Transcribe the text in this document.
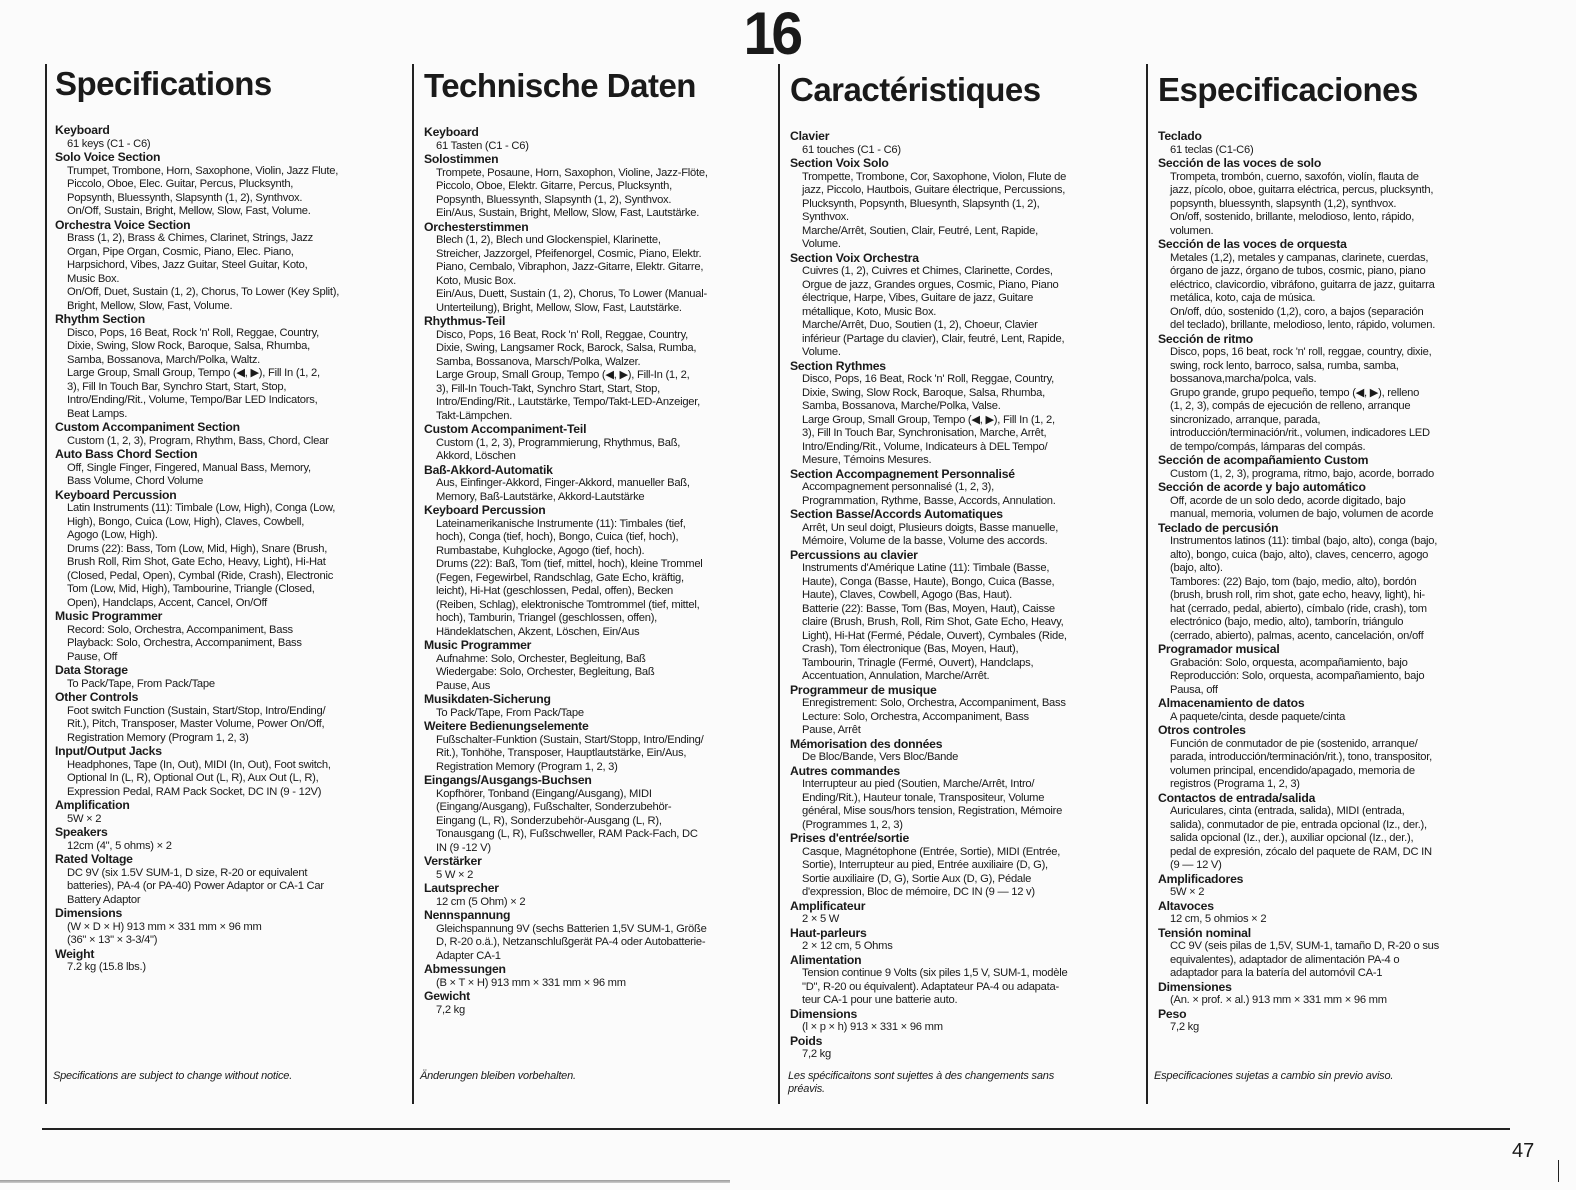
16
Specifications
Keyboard
61 keys (C1 - C6)
Solo Voice Section
Trumpet, Trombone, Horn, Saxophone, Violin, Jazz Flute,
Piccolo, Oboe, Elec. Guitar, Percus, Plucksynth,
Popsynth, Bluessynth, Slapsynth (1, 2), Synthvox.
On/Off, Sustain, Bright, Mellow, Slow, Fast, Volume.
Orchestra Voice Section
Brass (1, 2), Brass & Chimes, Clarinet, Strings, Jazz
Organ, Pipe Organ, Cosmic, Piano, Elec. Piano,
Harpsichord, Vibes, Jazz Guitar, Steel Guitar, Koto,
Music Box.
On/Off, Duet, Sustain (1, 2), Chorus, To Lower (Key Split),
Bright, Mellow, Slow, Fast, Volume.
Rhythm Section
Disco, Pops, 16 Beat, Rock 'n' Roll, Reggae, Country,
Dixie, Swing, Slow Rock, Baroque, Salsa, Rhumba,
Samba, Bossanova, March/Polka, Waltz.
Large Group, Small Group, Tempo (◀, ▶), Fill In (1, 2,
3), Fill In Touch Bar, Synchro Start, Start, Stop,
Intro/Ending/Rit., Volume, Tempo/Bar LED Indicators,
Beat Lamps.
Custom Accompaniment Section
Custom (1, 2, 3), Program, Rhythm, Bass, Chord, Clear
Auto Bass Chord Section
Off, Single Finger, Fingered, Manual Bass, Memory,
Bass Volume, Chord Volume
Keyboard Percussion
Latin Instruments (11): Timbale (Low, High), Conga (Low,
High), Bongo, Cuica (Low, High), Claves, Cowbell,
Agogo (Low, High).
Drums (22): Bass, Tom (Low, Mid, High), Snare (Brush,
Brush Roll, Rim Shot, Gate Echo, Heavy, Light), Hi-Hat
(Closed, Pedal, Open), Cymbal (Ride, Crash), Electronic
Tom (Low, Mid, High), Tambourine, Triangle (Closed,
Open), Handclaps, Accent, Cancel, On/Off
Music Programmer
Record: Solo, Orchestra, Accompaniment, Bass
Playback: Solo, Orchestra, Accompaniment, Bass
Pause, Off
Data Storage
To Pack/Tape, From Pack/Tape
Other Controls
Foot switch Function (Sustain, Start/Stop, Intro/Ending/
Rit.), Pitch, Transposer, Master Volume, Power On/Off,
Registration Memory (Program 1, 2, 3)
Input/Output Jacks
Headphones, Tape (In, Out), MIDI (In, Out), Foot switch,
Optional In (L, R), Optional Out (L, R), Aux Out (L, R),
Expression Pedal, RAM Pack Socket, DC IN (9 - 12V)
Amplification
5W × 2
Speakers
12cm (4", 5 ohms) × 2
Rated Voltage
DC 9V (six 1.5V SUM-1, D size, R-20 or equivalent
batteries), PA-4 (or PA-40) Power Adaptor or CA-1 Car
Battery Adaptor
Dimensions
(W × D × H) 913 mm × 331 mm × 96 mm
(36" × 13" × 3-3/4")
Weight
7.2 kg (15.8 lbs.)
Technische Daten
Keyboard
61 Tasten (C1 - C6)
Solostimmen
Trompete, Posaune, Horn, Saxophon, Violine, Jazz-Flöte,
Piccolo, Oboe, Elektr. Gitarre, Percus, Plucksynth,
Popsynth, Bluessynth, Slapsynth (1, 2), Synthvox.
Ein/Aus, Sustain, Bright, Mellow, Slow, Fast, Lautstärke.
Orchesterstimmen
Blech (1, 2), Blech und Glockenspiel, Klarinette,
Streicher, Jazzorgel, Pfeifenorgel, Cosmic, Piano, Elektr.
Piano, Cembalo, Vibraphon, Jazz-Gitarre, Elektr. Gitarre,
Koto, Music Box.
Ein/Aus, Duett, Sustain (1, 2), Chorus, To Lower (Manual-
Unterteilung), Bright, Mellow, Slow, Fast, Lautstärke.
Rhythmus-Teil
Disco, Pops, 16 Beat, Rock 'n' Roll, Reggae, Country,
Dixie, Swing, Langsamer Rock, Barock, Salsa, Rumba,
Samba, Bossanova, Marsch/Polka, Walzer.
Large Group, Small Group, Tempo (◀, ▶), Fill-In (1, 2,
3), Fill-In Touch-Takt, Synchro Start, Start, Stop,
Intro/Ending/Rit., Lautstärke, Tempo/Takt-LED-Anzeiger,
Takt-Lämpchen.
Custom Accompaniment-Teil
Custom (1, 2, 3), Programmierung, Rhythmus, Baß,
Akkord, Löschen
Baß-Akkord-Automatik
Aus, Einfinger-Akkord, Finger-Akkord, manueller Baß,
Memory, Baß-Lautstärke, Akkord-Lautstärke
Keyboard Percussion
Lateinamerikanische Instrumente (11): Timbales (tief,
hoch), Conga (tief, hoch), Bongo, Cuica (tief, hoch),
Rumbastabe, Kuhglocke, Agogo (tief, hoch).
Drums (22): Baß, Tom (tief, mittel, hoch), kleine Trommel
(Fegen, Fegewirbel, Randschlag, Gate Echo, kräftig,
leicht), Hi-Hat (geschlossen, Pedal, offen), Becken
(Reiben, Schlag), elektronische Tomtrommel (tief, mittel,
hoch), Tamburin, Triangel (geschlossen, offen),
Händeklatschen, Akzent, Löschen, Ein/Aus
Music Programmer
Aufnahme: Solo, Orchester, Begleitung, Baß
Wiedergabe: Solo, Orchester, Begleitung, Baß
Pause, Aus
Musikdaten-Sicherung
To Pack/Tape, From Pack/Tape
Weitere Bedienungselemente
Fußschalter-Funktion (Sustain, Start/Stopp, Intro/Ending/
Rit.), Tonhöhe, Transposer, Hauptlautstärke, Ein/Aus,
Registration Memory (Program 1, 2, 3)
Eingangs/Ausgangs-Buchsen
Kopfhörer, Tonband (Eingang/Ausgang), MIDI
(Eingang/Ausgang), Fußschalter, Sonderzubehör-
Eingang (L, R), Sonderzubehör-Ausgang (L, R),
Tonausgang (L, R), Fußschweller, RAM Pack-Fach, DC
IN (9 -12 V)
Verstärker
5 W × 2
Lautsprecher
12 cm (5 Ohm) × 2
Nennspannung
Gleichspannung 9V (sechs Batterien 1,5V SUM-1, Größe
D, R-20 o.ä.), Netzanschlußgerät PA-4 oder Autobatterie-
Adapter CA-1
Abmessungen
(B × T × H) 913 mm × 331 mm × 96 mm
Gewicht
7,2 kg
Caractéristiques
Clavier
61 touches (C1 - C6)
Section Voix Solo
Trompette, Trombone, Cor, Saxophone, Violon, Flute de
jazz, Piccolo, Hautbois, Guitare électrique, Percussions,
Plucksynth, Popsynth, Bluesynth, Slapsynth (1, 2),
Synthvox.
Marche/Arrêt, Soutien, Clair, Feutré, Lent, Rapide,
Volume.
Section Voix Orchestra
Cuivres (1, 2), Cuivres et Chimes, Clarinette, Cordes,
Orgue de jazz, Grandes orgues, Cosmic, Piano, Piano
électrique, Harpe, Vibes, Guitare de jazz, Guitare
métallique, Koto, Music Box.
Marche/Arrêt, Duo, Soutien (1, 2), Choeur, Clavier
inférieur (Partage du clavier), Clair, feutré, Lent, Rapide,
Volume.
Section Rythmes
Disco, Pops, 16 Beat, Rock 'n' Roll, Reggae, Country,
Dixie, Swing, Slow Rock, Baroque, Salsa, Rhumba,
Samba, Bossanova, Marche/Polka, Valse.
Large Group, Small Group, Tempo (◀, ▶), Fill In (1, 2,
3), Fill In Touch Bar, Synchronisation, Marche, Arrêt,
Intro/Ending/Rit., Volume, Indicateurs à DEL Tempo/
Mesure, Témoins Mesures.
Section Accompagnement Personnalisé
Accompagnement personnalisé (1, 2, 3),
Programmation, Rythme, Basse, Accords, Annulation.
Section Basse/Accords Automatiques
Arrêt, Un seul doigt, Plusieurs doigts, Basse manuelle,
Mémoire, Volume de la basse, Volume des accords.
Percussions au clavier
Instruments d'Amérique Latine (11): Timbale (Basse,
Haute), Conga (Basse, Haute), Bongo, Cuica (Basse,
Haute), Claves, Cowbell, Agogo (Bas, Haut).
Batterie (22): Basse, Tom (Bas, Moyen, Haut), Caisse
claire (Brush, Brush, Roll, Rim Shot, Gate Echo, Heavy,
Light), Hi-Hat (Fermé, Pédale, Ouvert), Cymbales (Ride,
Crash), Tom électronique (Bas, Moyen, Haut),
Tambourin, Trinagle (Fermé, Ouvert), Handclaps,
Accentuation, Annulation, Marche/Arrêt.
Programmeur de musique
Enregistrement: Solo, Orchestra, Accompaniment, Bass
Lecture: Solo, Orchestra, Accompaniment, Bass
Pause, Arrêt
Mémorisation des données
De Bloc/Bande, Vers Bloc/Bande
Autres commandes
Interrupteur au pied (Soutien, Marche/Arrêt, Intro/
Ending/Rit.), Hauteur tonale, Transpositeur, Volume
général, Mise sous/hors tension, Registration, Mémoire
(Programmes 1, 2, 3)
Prises d'entrée/sortie
Casque, Magnétophone (Entrée, Sortie), MIDI (Entrée,
Sortie), Interrupteur au pied, Entrée auxiliaire (D, G),
Sortie auxiliaire (D, G), Sortie Aux (D, G), Pédale
d'expression, Bloc de mémoire, DC IN (9 — 12 v)
Amplificateur
2 × 5 W
Haut-parleurs
2 × 12 cm, 5 Ohms
Alimentation
Tension continue 9 Volts (six piles 1,5 V, SUM-1, modèle
"D", R-20 ou équivalent). Adaptateur PA-4 ou adapata-
teur CA-1 pour une batterie auto.
Dimensions
(l × p × h) 913 × 331 × 96 mm
Poids
7,2 kg
Especificaciones
Teclado
61 teclas (C1-C6)
Sección de las voces de solo
Trompeta, trombón, cuerno, saxofón, violín, flauta de
jazz, pícolo, oboe, guitarra eléctrica, percus, plucksynth,
popsynth, bluessynth, slapsynth (1,2), synthvox.
On/off, sostenido, brillante, melodioso, lento, rápido,
volumen.
Sección de las voces de orquesta
Metales (1,2), metales y campanas, clarinete, cuerdas,
órgano de jazz, órgano de tubos, cosmic, piano, piano
eléctrico, clavicordio, vibráfono, guitarra de jazz, guitarra
metálica, koto, caja de música.
On/off, dúo, sostenido (1,2), coro, a bajos (separación
del teclado), brillante, melodioso, lento, rápido, volumen.
Sección de ritmo
Disco, pops, 16 beat, rock 'n' roll, reggae, country, dixie,
swing, rock lento, barroco, salsa, rumba, samba,
bossanova,marcha/polca, vals.
Grupo grande, grupo pequeño, tempo (◀, ▶), relleno
(1, 2, 3), compás de ejecución de relleno, arranque
sincronizado, arranque, parada,
introducción/terminación/rit., volumen, indicadores LED
de tempo/compás, lámparas del compás.
Sección de acompañamiento Custom
Custom (1, 2, 3), programa, ritmo, bajo, acorde, borrado
Sección de acorde y bajo automático
Off, acorde de un solo dedo, acorde digitado, bajo
manual, memoria, volumen de bajo, volumen de acorde
Teclado de percusión
Instrumentos latinos (11): timbal (bajo, alto), conga (bajo,
alto), bongo, cuica (bajo, alto), claves, cencerro, agogo
(bajo, alto).
Tambores: (22) Bajo, tom (bajo, medio, alto), bordón
(brush, brush roll, rim shot, gate echo, heavy, light), hi-
hat (cerrado, pedal, abierto), címbalo (ride, crash), tom
electrónico (bajo, medio, alto), tamborín, triángulo
(cerrado, abierto), palmas, acento, cancelación, on/off
Programador musical
Grabación: Solo, orquesta, acompañamiento, bajo
Reproducción: Solo, orquesta, acompañamiento, bajo
Pausa, off
Almacenamiento de datos
A paquete/cinta, desde paquete/cinta
Otros controles
Función de conmutador de pie (sostenido, arranque/
parada, introducción/terminación/rit.), tono, transpositor,
volumen principal, encendido/apagado, memoria de
registros (Programa 1, 2, 3)
Contactos de entrada/salida
Auriculares, cinta (entrada, salida), MIDI (entrada,
salida), conmutador de pie, entrada opcional (Iz., der.),
salida opcional (Iz., der.), auxiliar opcional (Iz., der.),
pedal de expresión, zócalo del paquete de RAM, DC IN
(9 — 12 V)
Amplificadores
5W × 2
Altavoces
12 cm, 5 ohmios × 2
Tensión nominal
CC 9V (seis pilas de 1,5V, SUM-1, tamaño D, R-20 o sus
equivalentes), adaptador de alimentación PA-4 o
adaptador para la batería del automóvil CA-1
Dimensiones
(An. × prof. × al.) 913 mm × 331 mm × 96 mm
Peso
7,2 kg
Specifications are subject to change without notice.	Änderungen bleiben vorbehalten.	Les spécificaitons sont sujettes à des changements sans
préavis.
Especificaciones sujetas a cambio sin previo aviso.
47
